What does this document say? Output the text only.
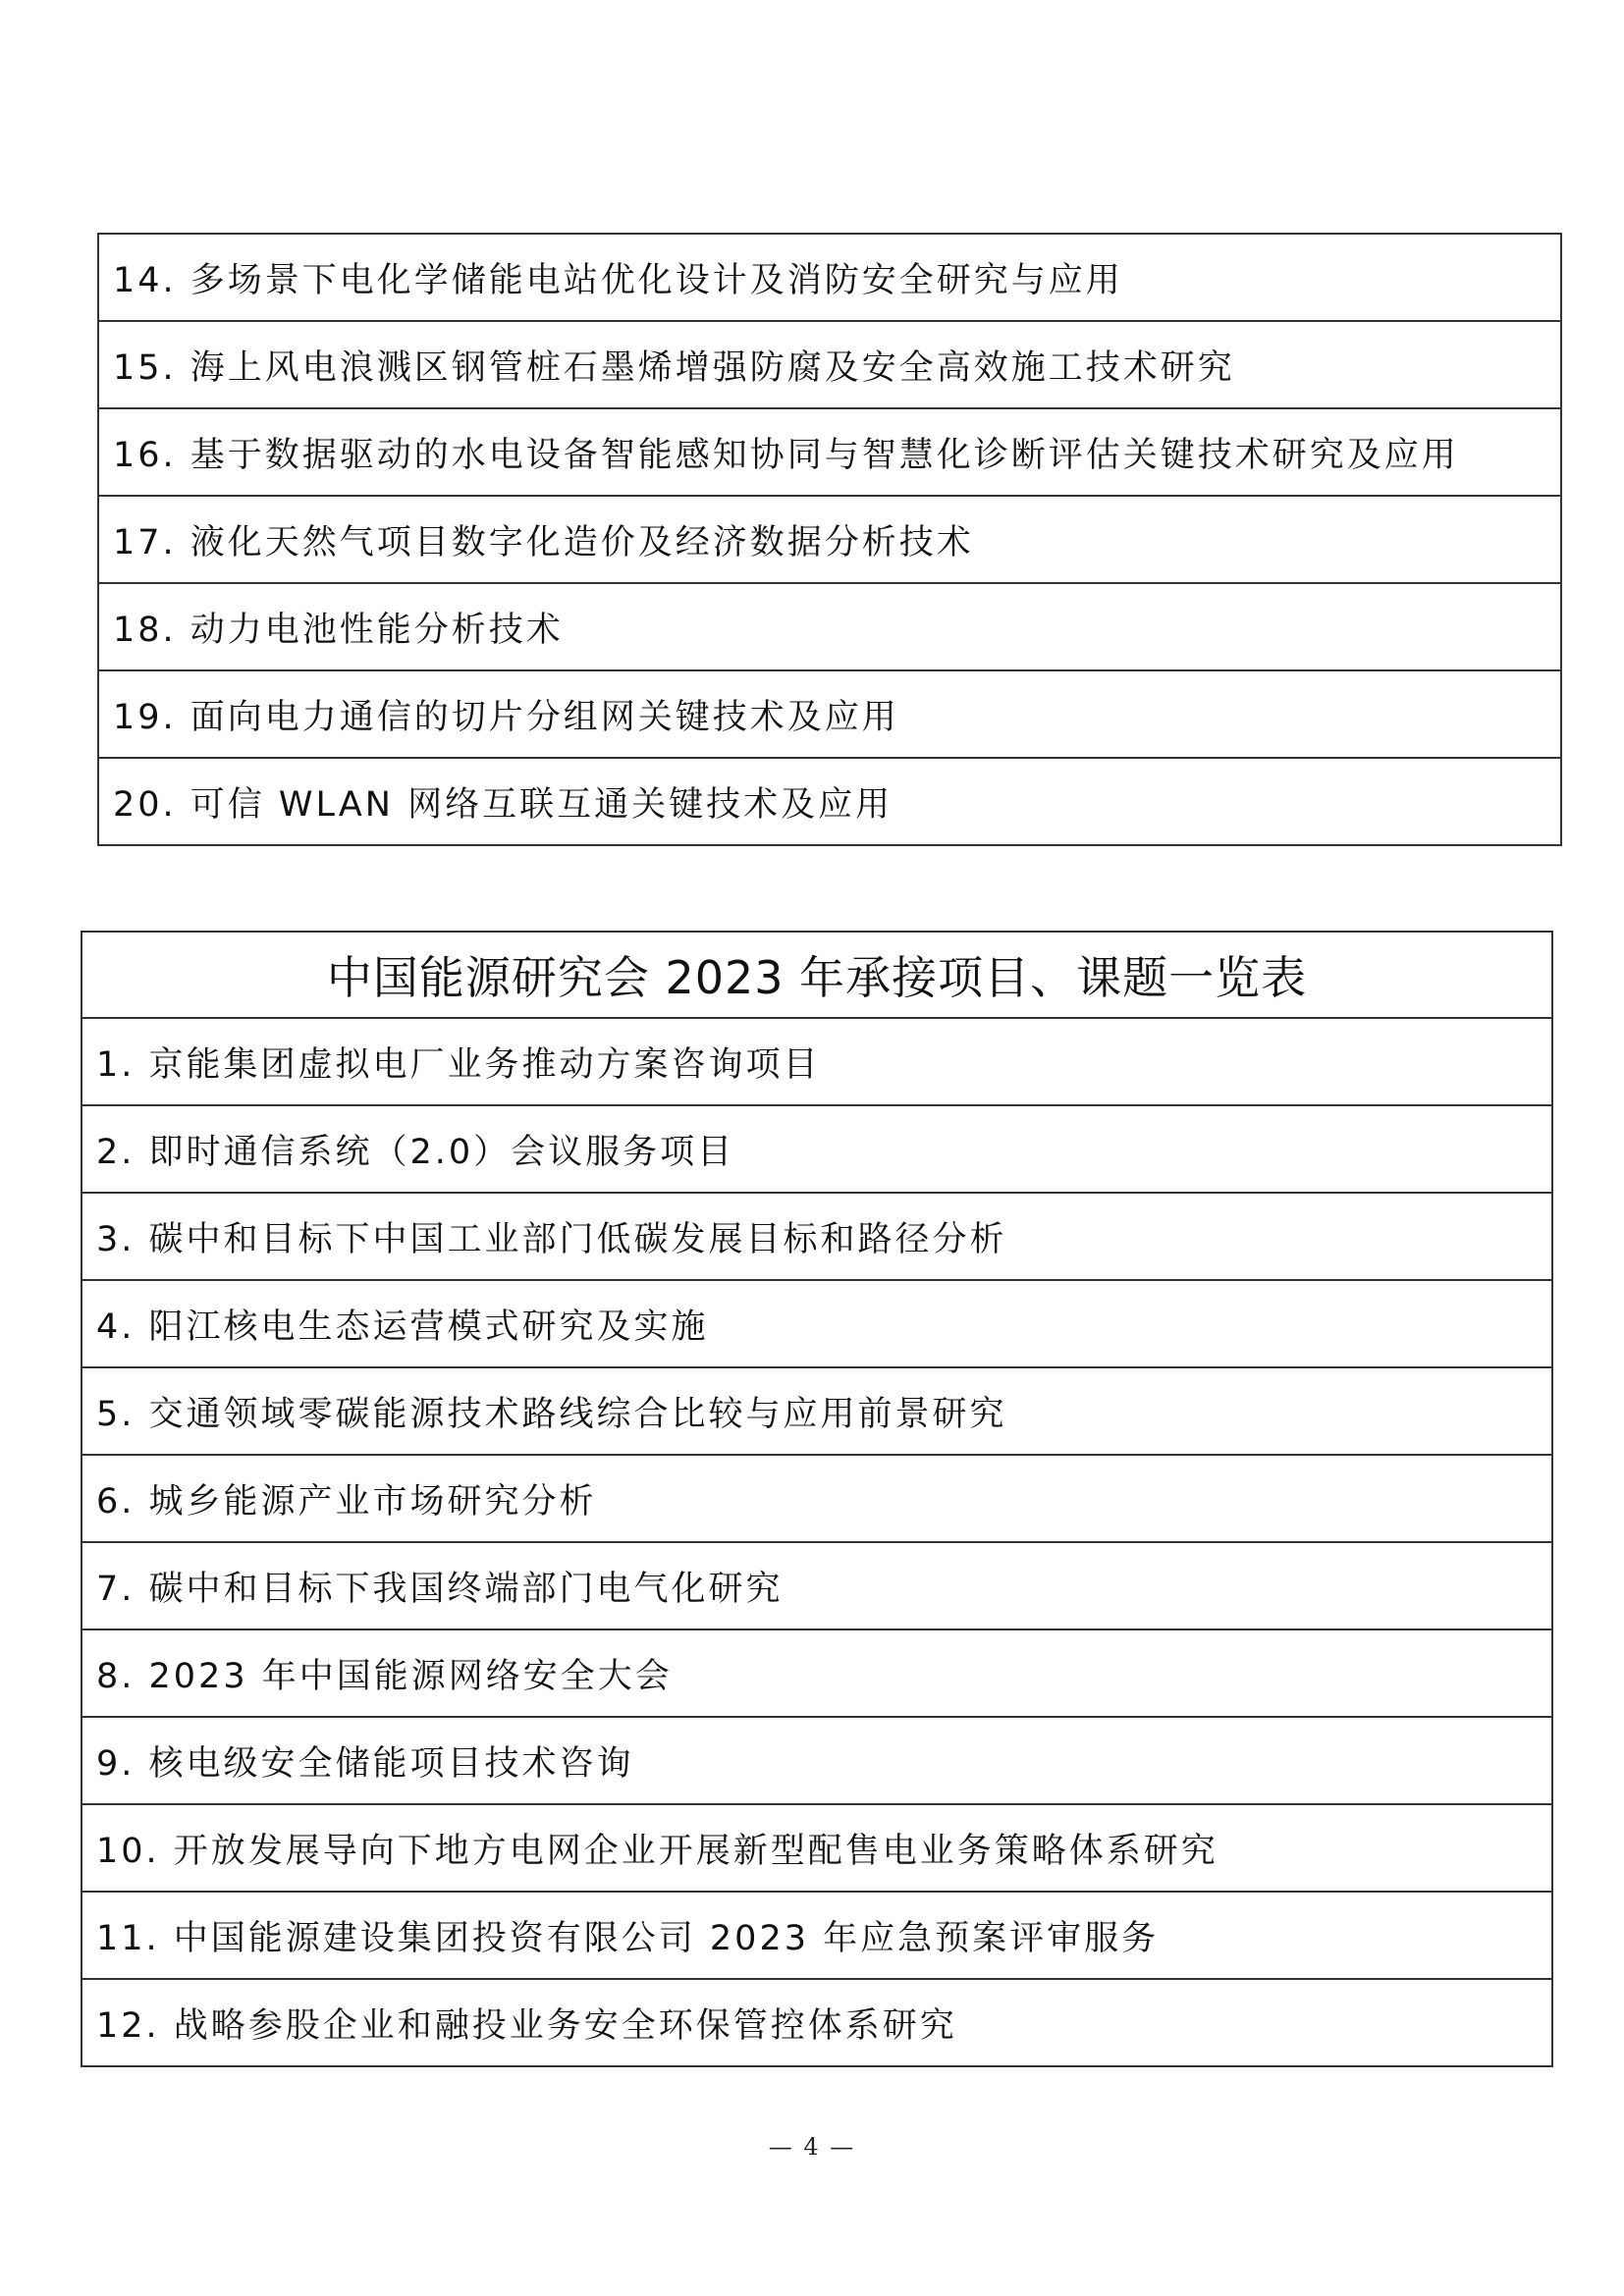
14. 多场景下电化学储能电站优化设计及消防安全研究与应用
15. 海上风电浪溅区钢管桩石墨烯增强防腐及安全高效施工技术研究
16. 基于数据驱动的水电设备智能感知协同与智慧化诊断评估关键技术研究及应用
17. 液化天然气项目数字化造价及经济数据分析技术
18. 动力电池性能分析技术
19. 面向电力通信的切片分组网关键技术及应用
20. 可信 WLAN 网络互联互通关键技术及应用
中国能源研究会 2023 年承接项目、课题一览表
1. 京能集团虚拟电厂业务推动方案咨询项目
2. 即时通信系统（2.0）会议服务项目
3. 碳中和目标下中国工业部门低碳发展目标和路径分析
4. 阳江核电生态运营模式研究及实施
5. 交通领域零碳能源技术路线综合比较与应用前景研究
6. 城乡能源产业市场研究分析
7. 碳中和目标下我国终端部门电气化研究
8. 2023 年中国能源网络安全大会
9. 核电级安全储能项目技术咨询
10. 开放发展导向下地方电网企业开展新型配售电业务策略体系研究
11. 中国能源建设集团投资有限公司 2023 年应急预案评审服务
12. 战略参股企业和融投业务安全环保管控体系研究
— 4 —
